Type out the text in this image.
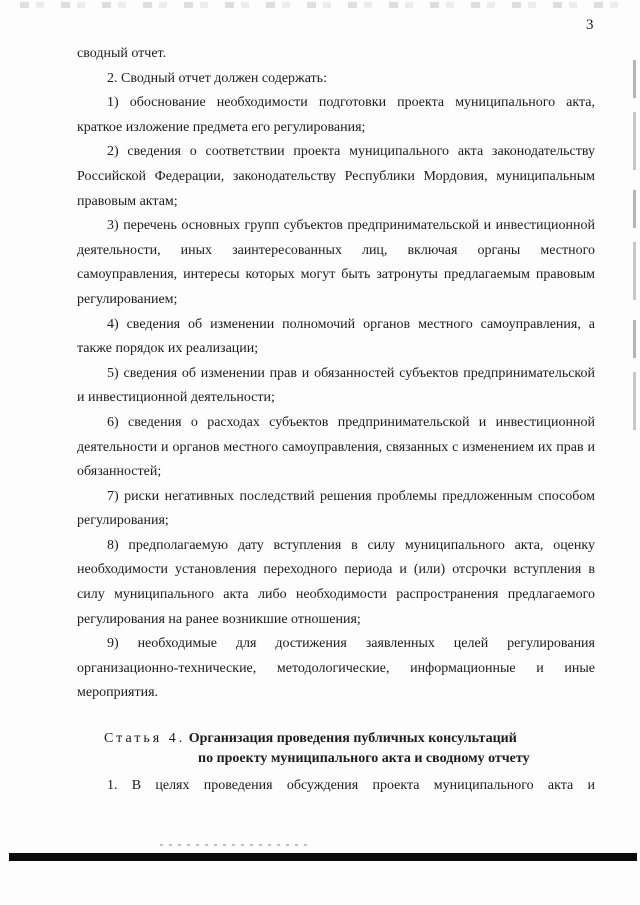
3

сводный отчет.

2. Сводный отчет должен содержать:

1) обоснование необходимости подготовки проекта муниципального акта, краткое изложение предмета его регулирования;

2) сведения о соответствии проекта муниципального акта законодательству Российской Федерации, законодательству Республики Мордовия, муниципальным правовым актам;

3) перечень основных групп субъектов предпринимательской и инвестиционной деятельности, иных заинтересованных лиц, включая органы местного самоуправления, интересы которых могут быть затронуты предлагаемым правовым регулированием;

4) сведения об изменении полномочий органов местного самоуправления, а также порядок их реализации;

5) сведения об изменении прав и обязанностей субъектов предпринимательской и инвестиционной деятельности;

6) сведения о расходах субъектов предпринимательской и инвестиционной деятельности и органов местного самоуправления, связанных с изменением их прав и обязанностей;

7) риски негативных последствий решения проблемы предложенным способом регулирования;

8) предполагаемую дату вступления в силу муниципального акта, оценку необходимости установления переходного периода и (или) отсрочки вступления в силу муниципального акта либо необходимости распространения предлагаемого регулирования на ранее возникшие отношения;

9) необходимые для достижения заявленных целей регулирования организационно-технические, методологические, информационные и иные мероприятия.

Статья 4. Организация проведения публичных консультаций
по проекту муниципального акта и сводному отчету
1. В целях проведения обсуждения проекта муниципального акта и
